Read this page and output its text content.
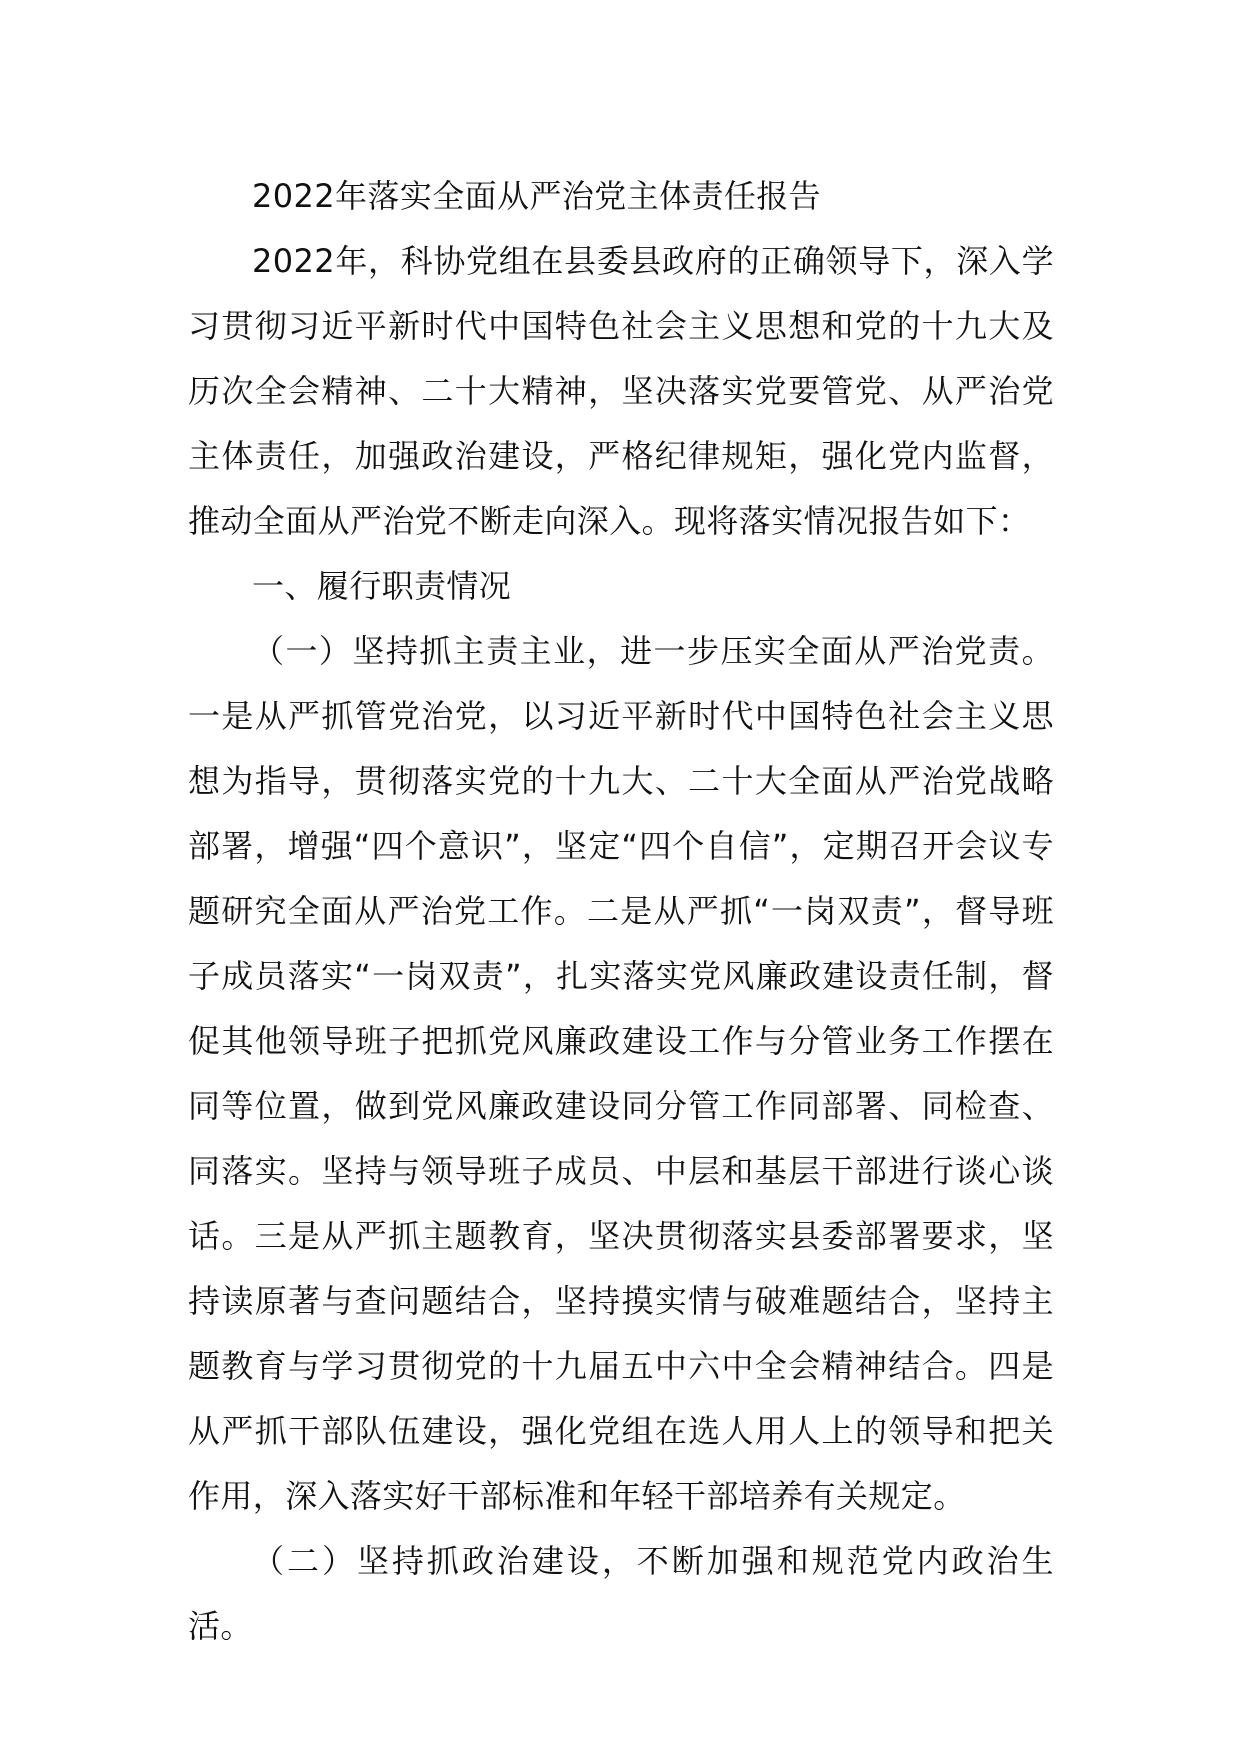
2022年落实全面从严治党主体责任报告

2022年，科协党组在县委县政府的正确领导下，深入学习贯彻习近平新时代中国特色社会主义思想和党的十九大及历次全会精神、二十大精神，坚决落实党要管党、从严治党主体责任，加强政治建设，严格纪律规矩，强化党内监督，推动全面从严治党不断走向深入。现将落实情况报告如下：

一、履行职责情况

（一）坚持抓主责主业，进一步压实全面从严治党责。一是从严抓管党治党，以习近平新时代中国特色社会主义思想为指导，贯彻落实党的十九大、二十大全面从严治党战略部署，增强“四个意识”，坚定“四个自信”，定期召开会议专题研究全面从严治党工作。二是从严抓“一岗双责”，督导班子成员落实“一岗双责”，扎实落实党风廉政建设责任制，督促其他领导班子把抓党风廉政建设工作与分管业务工作摆在同等位置，做到党风廉政建设同分管工作同部署、同检查、同落实。坚持与领导班子成员、中层和基层干部进行谈心谈话。三是从严抓主题教育，坚决贯彻落实县委部署要求，坚持读原著与查问题结合，坚持摸实情与破难题结合，坚持主题教育与学习贯彻党的十九届五中六中全会精神结合。四是从严抓干部队伍建设，强化党组在选人用人上的领导和把关作用，深入落实好干部标准和年轻干部培养有关规定。

（二）坚持抓政治建设，不断加强和规范党内政治生活。
